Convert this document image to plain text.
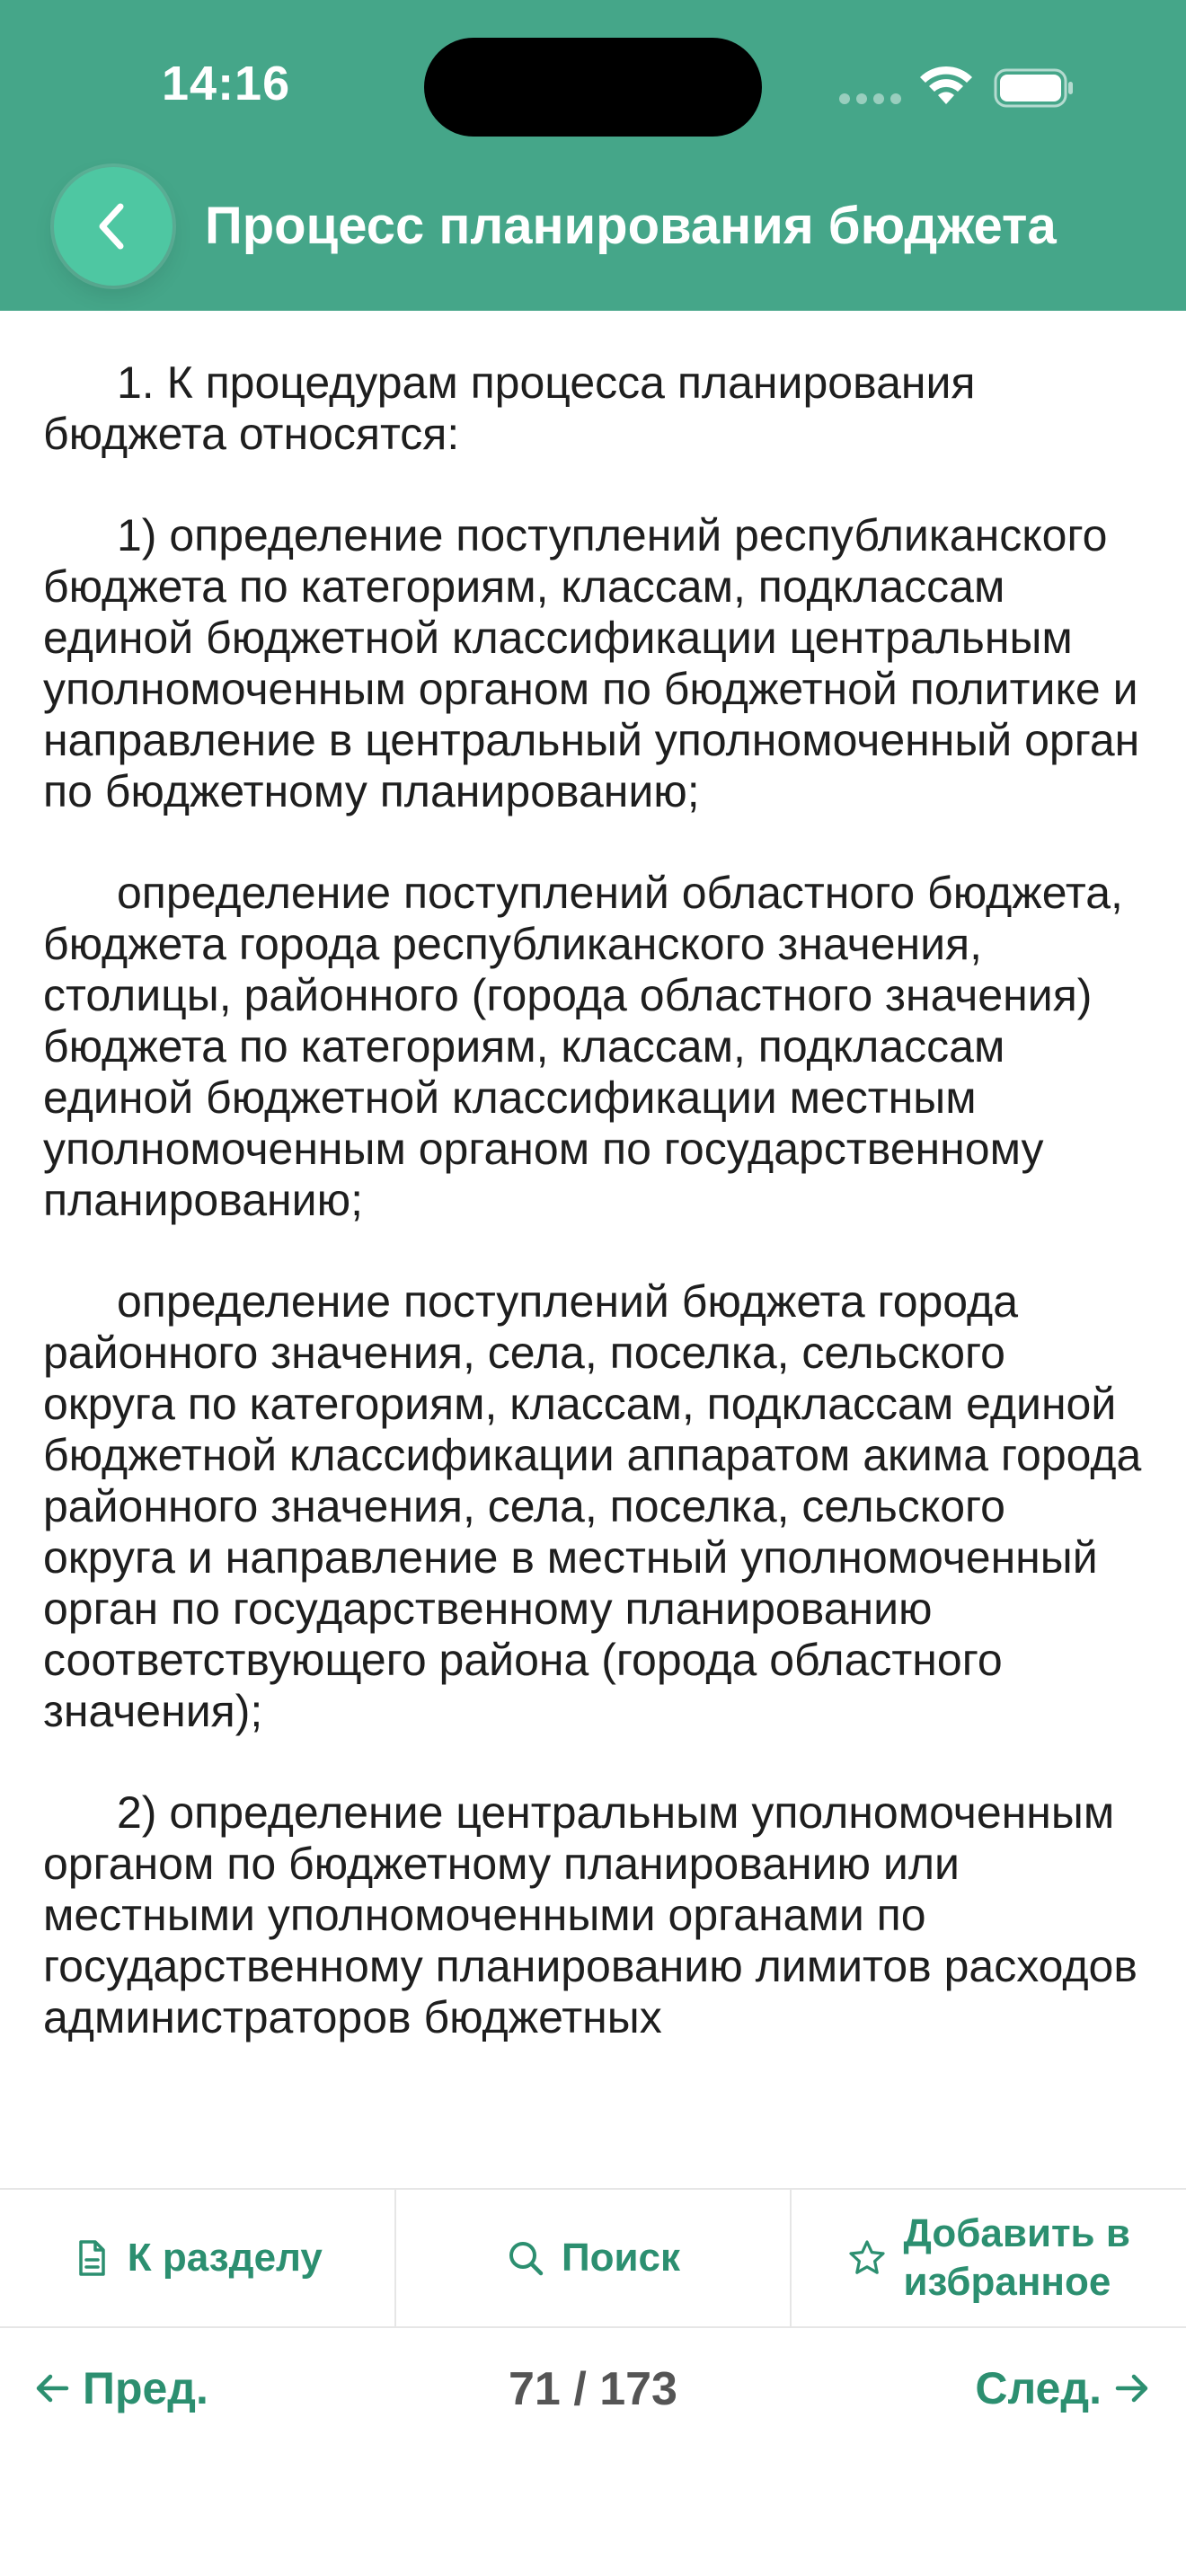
14:16
Процесс планирования бюджета

1. К процедурам процесса планирования бюджета относятся:

1) определение поступлений республиканского бюджета по категориям, классам, подклассам единой бюджетной классификации центральным уполномоченным органом по бюджетной политике и направление в центральный уполномоченный орган по бюджетному планированию;

определение поступлений областного бюджета, бюджета города республиканского значения, столицы, районного (города областного значения) бюджета по категориям, классам, подклассам единой бюджетной классификации местным уполномоченным органом по государственному планированию;

определение поступлений бюджета города районного значения, села, поселка, сельского округа по категориям, классам, подклассам единой бюджетной классификации аппаратом акима города районного значения, села, поселка, сельского округа и направление в местный уполномоченный орган по государственному планированию соответствующего района (города областного значения);

2) определение центральным уполномоченным органом по бюджетному планированию или местными уполномоченными органами по государственному планированию лимитов расходов администраторов бюджетных

К разделу	Поиск
Добавить в
избранное
Пред.	71 / 173	След.
